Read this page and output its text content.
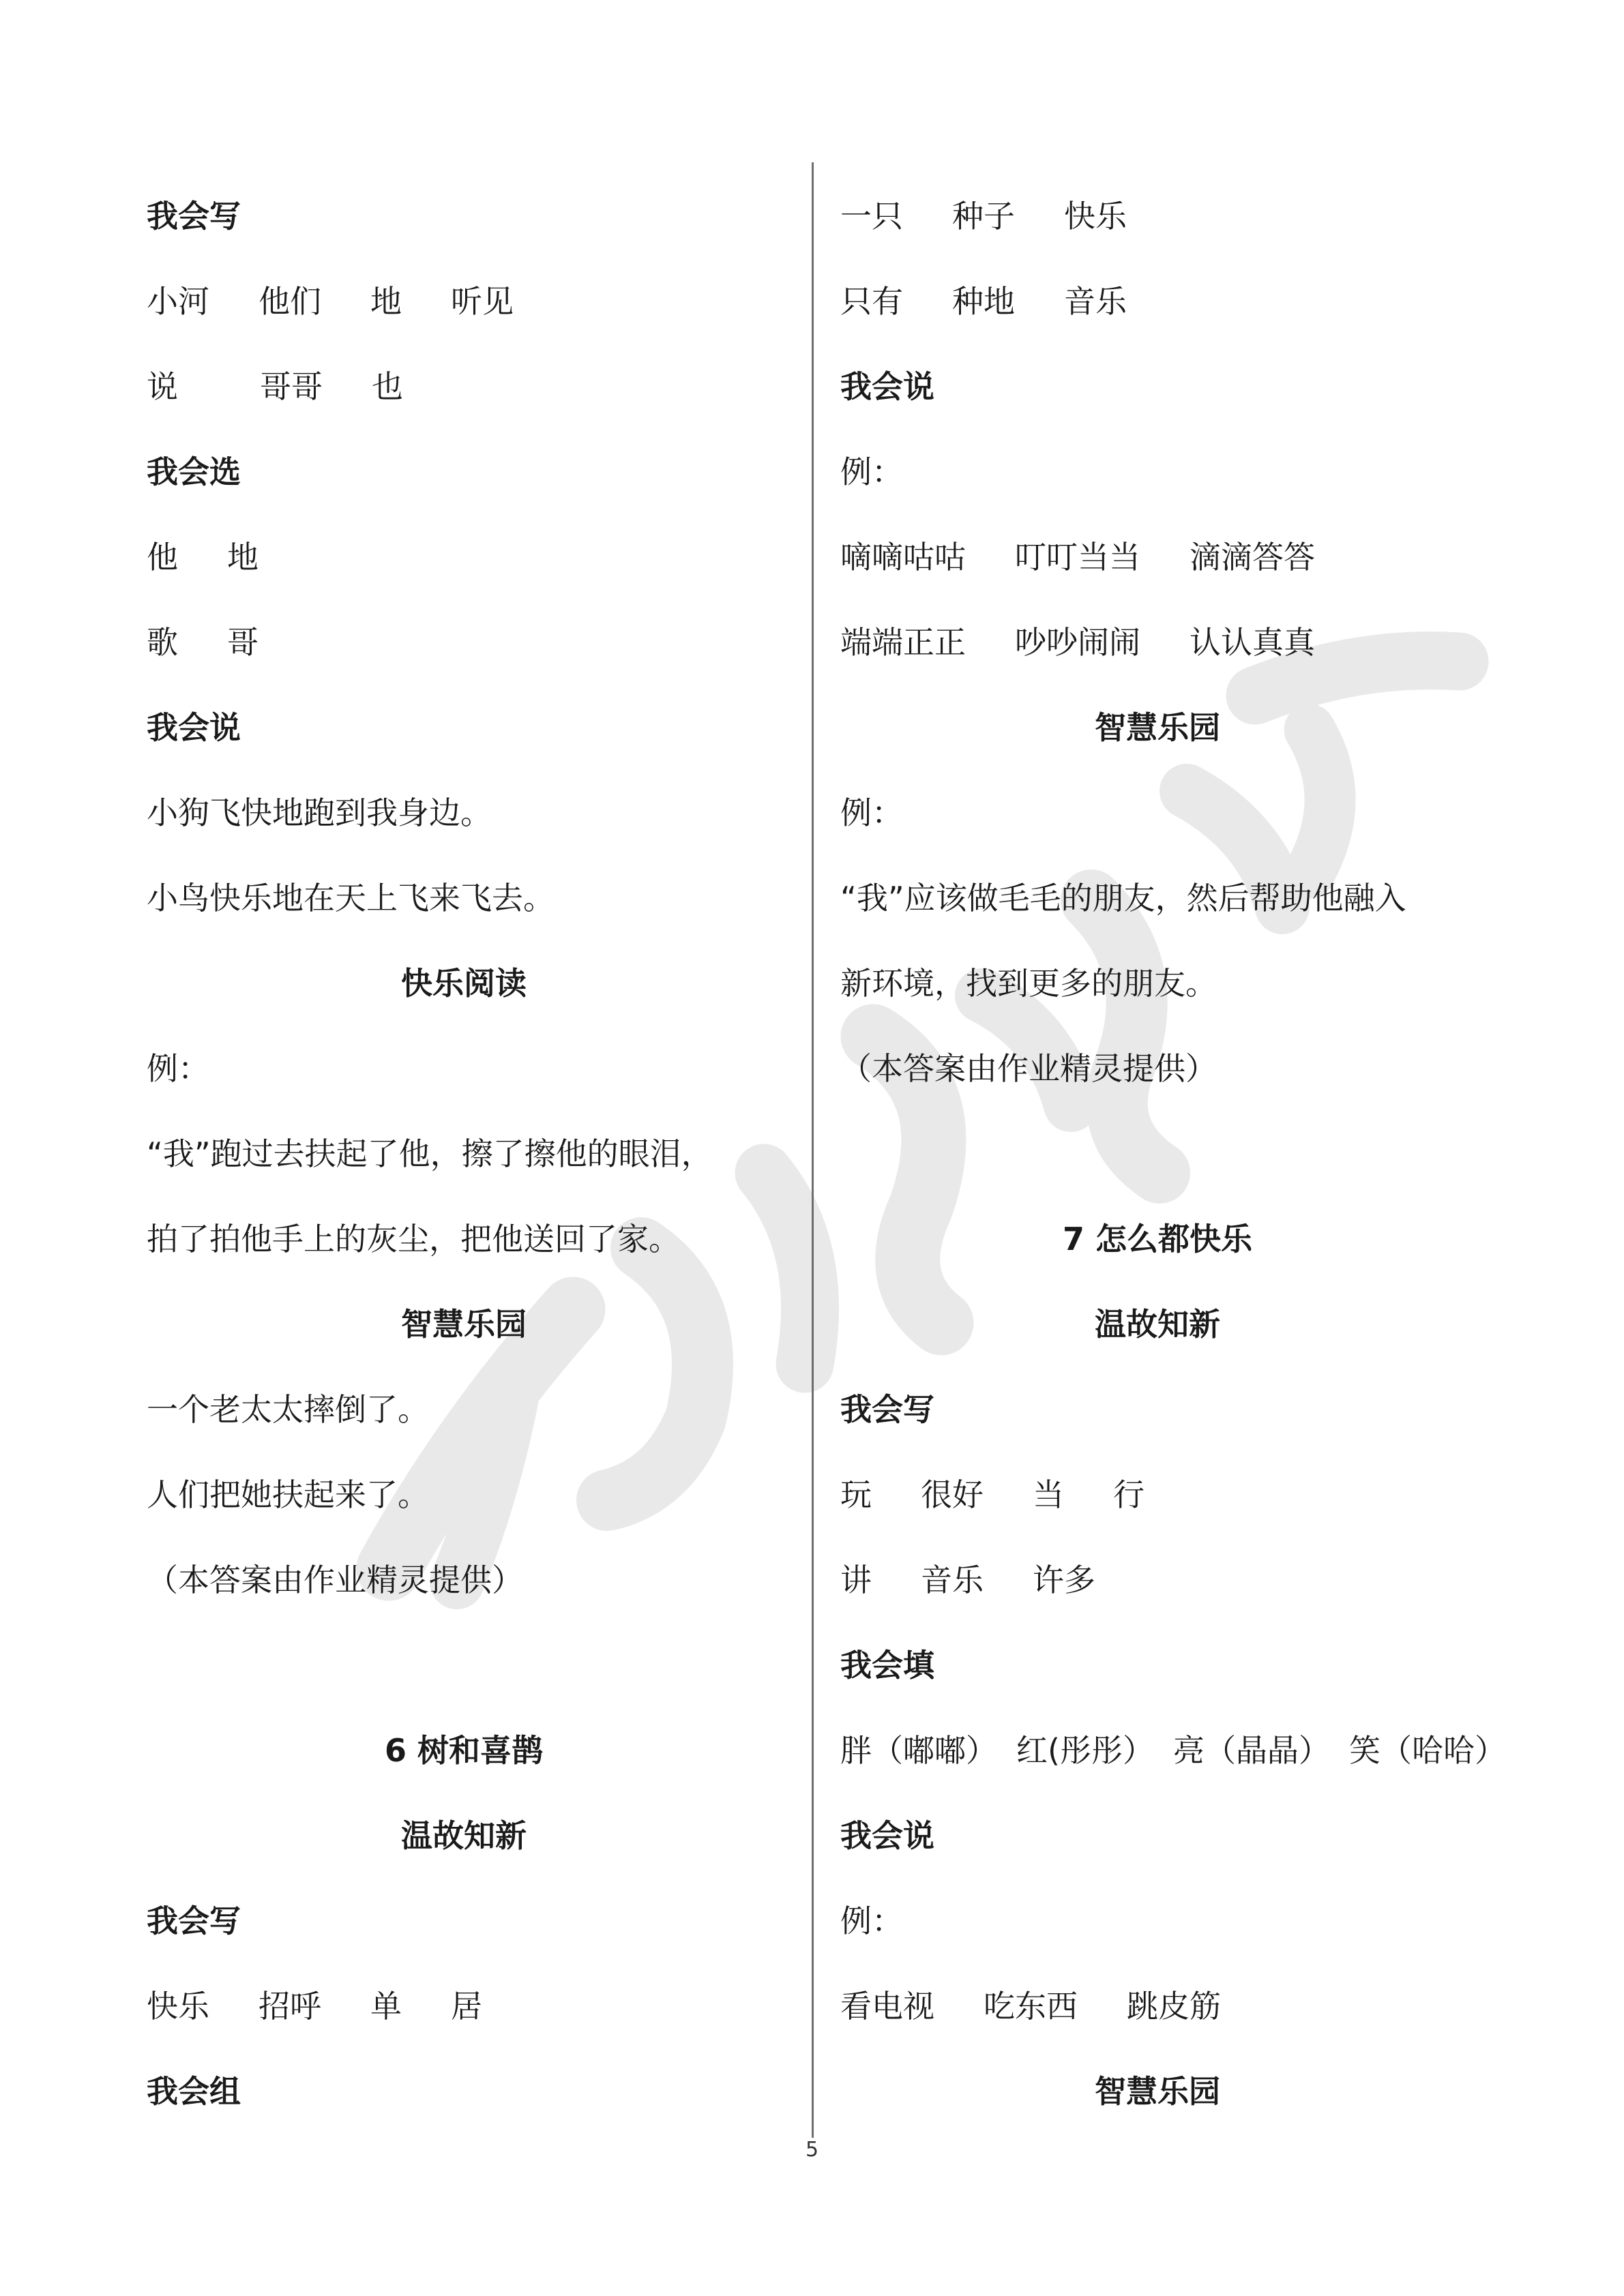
我会写
小河 他们 地 听见
说	哥哥 也
我会选
他 地
歌 哥
我会说
小狗飞快地跑到我身边。
小鸟快乐地在天上飞来飞去。
快乐阅读
例：
“我”跑过去扶起了他，擦了擦他的眼泪，
拍了拍他手上的灰尘，把他送回了家。
智慧乐园
一个老太太摔倒了。
人们把她扶起来了。
（本答案由作业精灵提供）
6 树和喜鹊
温故知新
我会写
快乐 招呼 单 居
我会组
一只 种子 快乐
只有 种地 音乐
我会说
例：
嘀嘀咕咕 叮叮当当 滴滴答答
端端正正 吵吵闹闹 认认真真
智慧乐园
例：
“我”应该做毛毛的朋友，然后帮助他融入
新环境，找到更多的朋友。
（本答案由作业精灵提供）
7 怎么都快乐
温故知新
我会写
玩 很好 当 行
讲 音乐 许多
我会填
胖（嘟嘟） 红(彤彤） 亮（晶晶） 笑（哈哈）
我会说
例：
看电视 吃东西 跳皮筋
智慧乐园
5
